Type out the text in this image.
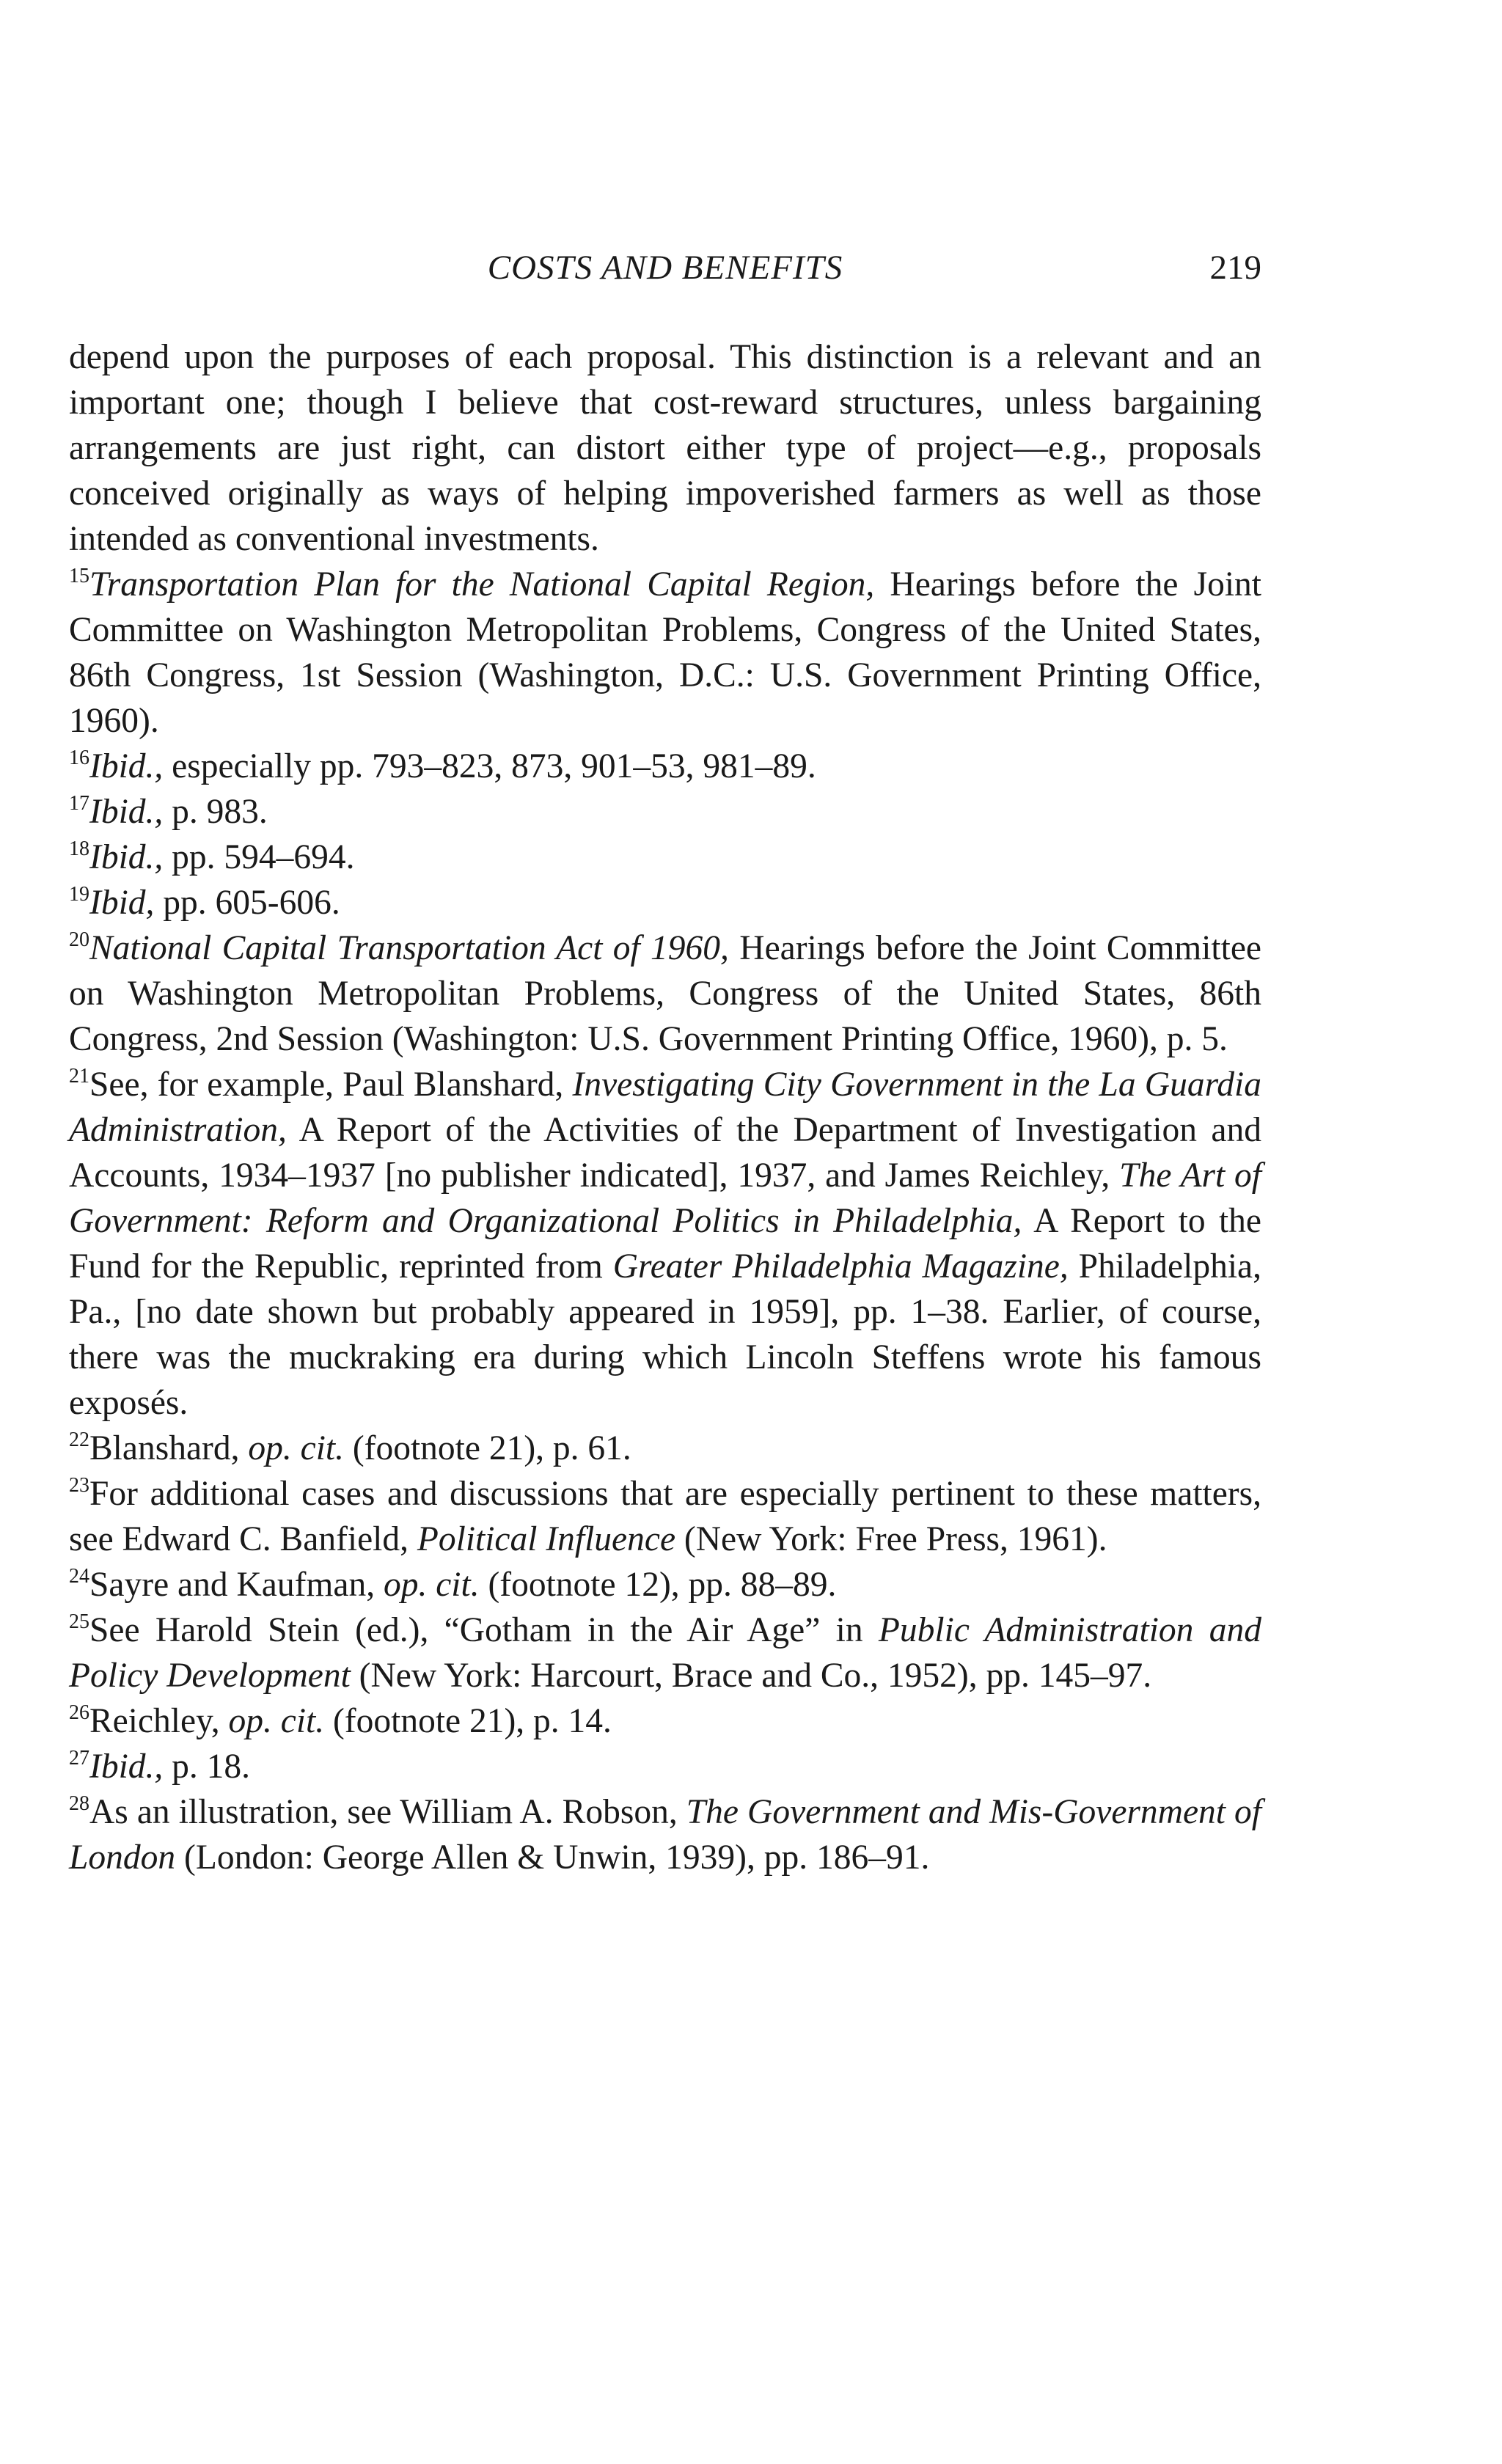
COSTS AND BENEFITS	219

depend upon the purposes of each proposal. This distinction is a relevant and an important one; though I believe that cost-reward structures, unless bargaining arrangements are just right, can distort either type of project—e.g., proposals conceived originally as ways of helping impoverished farmers as well as those intended as conventional investments.

$^{15}$Transportation Plan for the National Capital Region, Hearings before the Joint Committee on Washington Metropolitan Problems, Congress of the United States, 86th Congress, 1st Session (Washington, D.C.: U.S. Government Printing Office, 1960).

$^{16}$Ibid., especially pp. 793–823, 873, 901–53, 981–89.

$^{17}$Ibid., p. 983.

$^{18}$Ibid., pp. 594–694.

$^{19}$Ibid, pp. 605-606.

$^{20}$National Capital Transportation Act of 1960, Hearings before the Joint Committee on Washington Metropolitan Problems, Congress of the United States, 86th Congress, 2nd Session (Washington: U.S. Government Printing Office, 1960), p. 5.

$^{21}$See, for example, Paul Blanshard, Investigating City Government in the La Guardia Administration, A Report of the Activities of the Department of Investigation and Accounts, 1934–1937 [no publisher indicated], 1937, and James Reichley, The Art of Government: Reform and Organizational Politics in Philadelphia, A Report to the Fund for the Republic, reprinted from Greater Philadelphia Magazine, Philadelphia, Pa., [no date shown but probably appeared in 1959], pp. 1–38. Earlier, of course, there was the muckraking era during which Lincoln Steffens wrote his famous exposés.

$^{22}$Blanshard, op. cit. (footnote 21), p. 61.

$^{23}$For additional cases and discussions that are especially pertinent to these matters, see Edward C. Banfield, Political Influence (New York: Free Press, 1961).

$^{24}$Sayre and Kaufman, op. cit. (footnote 12), pp. 88–89.

$^{25}$See Harold Stein (ed.), “Gotham in the Air Age” in Public Administration and Policy Development (New York: Harcourt, Brace and Co., 1952), pp. 145–97.

$^{26}$Reichley, op. cit. (footnote 21), p. 14.

$^{27}$Ibid., p. 18.

$^{28}$As an illustration, see William A. Robson, The Government and Mis-Government of London (London: George Allen & Unwin, 1939), pp. 186–91.
